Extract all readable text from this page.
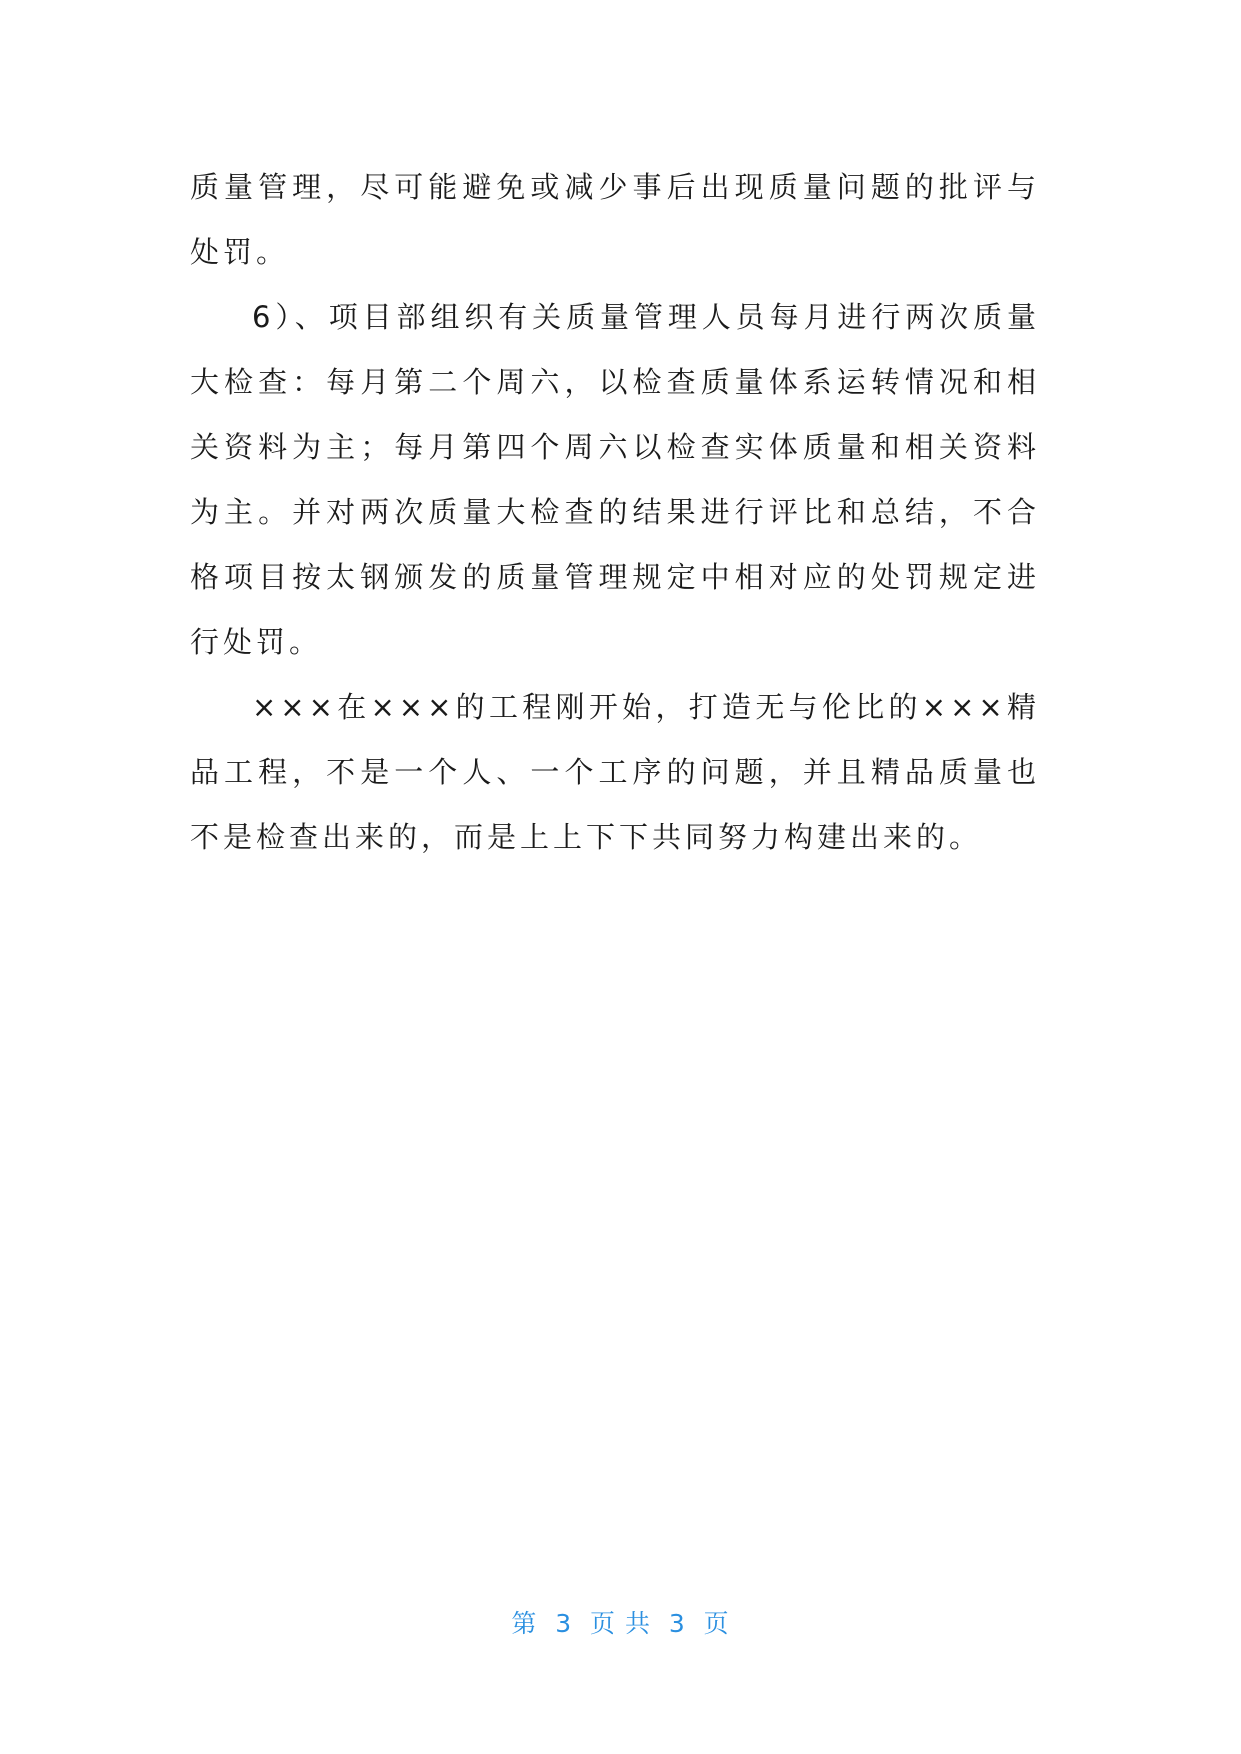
质量管理，尽可能避免或减少事后出现质量问题的批评与处罚。

6）、项目部组织有关质量管理人员每月进行两次质量大检查：每月第二个周六，以检查质量体系运转情况和相关资料为主；每月第四个周六以检查实体质量和相关资料为主。并对两次质量大检查的结果进行评比和总结，不合格项目按太钢颁发的质量管理规定中相对应的处罚规定进行处罚。

×××在×××的工程刚开始，打造无与伦比的×××精品工程，不是一个人、一个工序的问题，并且精品质量也不是检查出来的，而是上上下下共同努力构建出来的。

第  3  页 共  3  页
